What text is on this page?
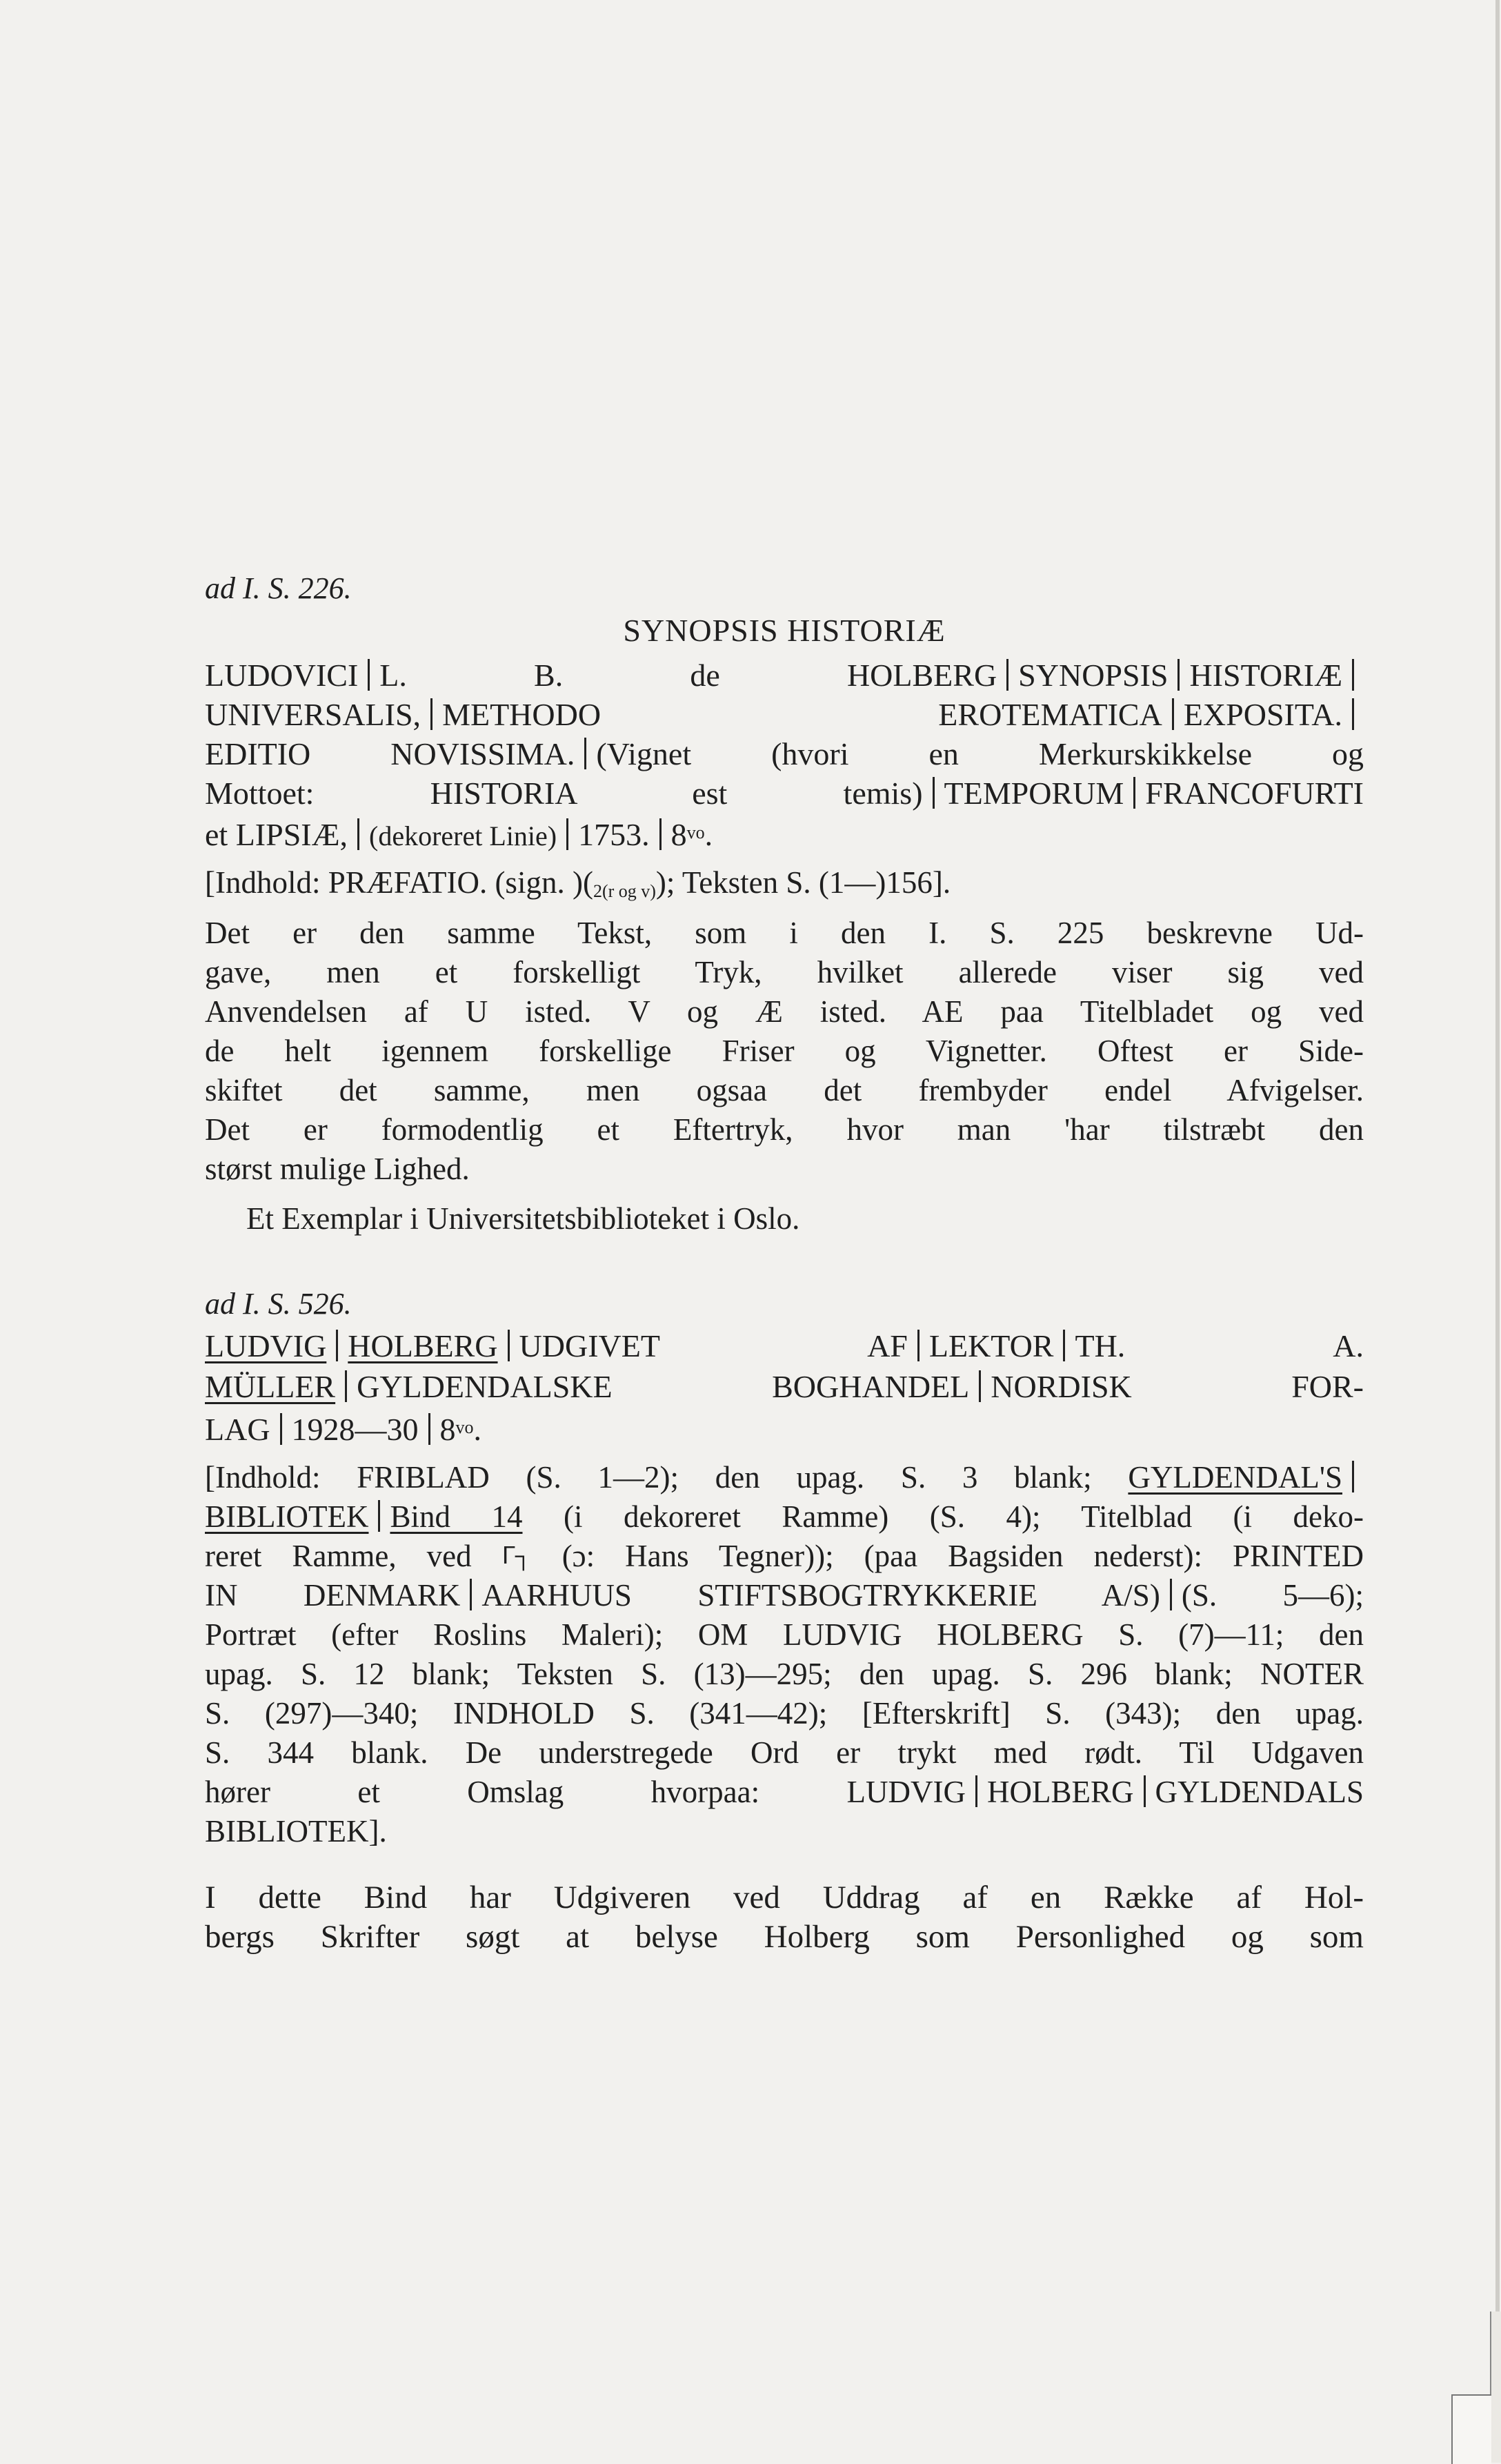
ad I. S. 226.
SYNOPSIS HISTORIÆ
LUDOVICI L. B. de HOLBERG SYNOPSIS HISTORIÆ
UNIVERSALIS, METHODO EROTEMATICA EXPOSITA.
EDITIO NOVISSIMA. (Vignet (hvori en Merkurskikkelse og
Mottoet: HISTORIA est temis) TEMPORUM FRANCOFURTI
et LIPSIÆ, (dekoreret Linie) 1753. $8^{vo}$.
[Indhold: PRÆFATIO. (sign. )$(_{2(r og v)})$; Teksten S. (1—)156].
Det er den samme Tekst, som i den I. S. 225 beskrevne Ud-
gave, men et forskelligt Tryk, hvilket allerede viser sig ved
Anvendelsen af U isted. V og Æ isted. AE paa Titelbladet og ved
de helt igennem forskellige Friser og Vignetter. Oftest er Side-
skiftet det samme, men ogsaa det frembyder endel Afvigelser.
Det er formodentlig et Eftertryk, hvor man 'har tilstræbt den
størst mulige Lighed.
Et Exemplar i Universitetsbiblioteket i Oslo.
ad I. S. 526.
LUDVIG HOLBERG UDGIVET AF LEKTOR TH. A.
MÜLLER GYLDENDALSKE BOGHANDEL NORDISK FOR-
LAG 1928—30 $8^{vo}$.
[Indhold: FRIBLAD (S. 1—2); den upag. S. 3 blank; GYLDENDAL'S
BIBLIOTEK Bind 14 (i dekoreret Ramme) (S. 4); Titelblad (i deko-
reret Ramme, ved ᒥ┐ (ɔ: Hans Tegner)); (paa Bagsiden nederst): PRINTED
IN DENMARK AARHUUS STIFTSBOGTRYKKERIE A/S) (S. 5—6);
Portræt (efter Roslins Maleri); OM LUDVIG HOLBERG S. (7)—11; den
upag. S. 12 blank; Teksten S. (13)—295; den upag. S. 296 blank; NOTER
S. (297)—340; INDHOLD S. (341—42); [Efterskrift] S. (343); den upag.
S. 344 blank. De understregede Ord er trykt med rødt. Til Udgaven
hører et Omslag hvorpaa: LUDVIG HOLBERG GYLDENDALS
BIBLIOTEK].
I dette Bind har Udgiveren ved Uddrag af en Række af Hol-
bergs Skrifter søgt at belyse Holberg som Personlighed og som
